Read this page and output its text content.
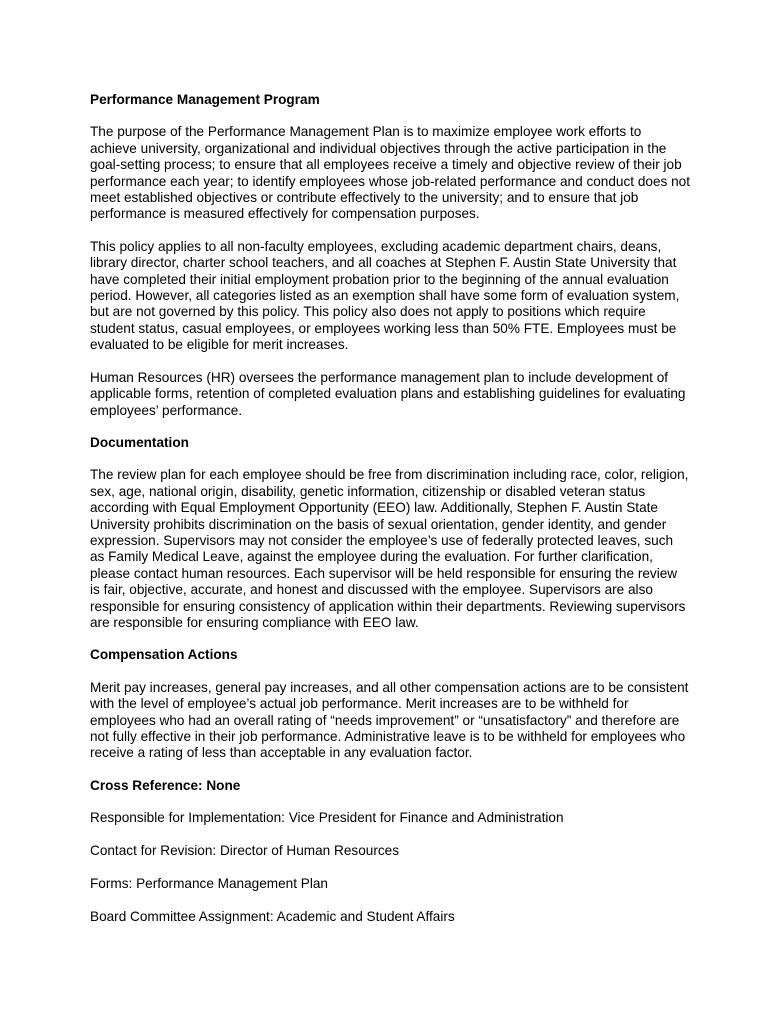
Performance Management Program
The purpose of the Performance Management Plan is to maximize employee work efforts to achieve university, organizational and individual objectives through the active participation in the goal-setting process; to ensure that all employees receive a timely and objective review of their job performance each year; to identify employees whose job-related performance and conduct does not meet established objectives or contribute effectively to the university; and to ensure that job performance is measured effectively for compensation purposes.
This policy applies to all non-faculty employees, excluding academic department chairs, deans, library director, charter school teachers, and all coaches at Stephen F. Austin State University that have completed their initial employment probation prior to the beginning of the annual evaluation period. However, all categories listed as an exemption shall have some form of evaluation system, but are not governed by this policy. This policy also does not apply to positions which require student status, casual employees, or employees working less than 50% FTE. Employees must be evaluated to be eligible for merit increases.
Human Resources (HR) oversees the performance management plan to include development of applicable forms, retention of completed evaluation plans and establishing guidelines for evaluating employees’ performance.
Documentation
The review plan for each employee should be free from discrimination including race, color, religion, sex, age, national origin, disability, genetic information, citizenship or disabled veteran status according with Equal Employment Opportunity (EEO) law. Additionally, Stephen F. Austin State University prohibits discrimination on the basis of sexual orientation, gender identity, and gender expression. Supervisors may not consider the employee’s use of federally protected leaves, such as Family Medical Leave, against the employee during the evaluation. For further clarification, please contact human resources. Each supervisor will be held responsible for ensuring the review is fair, objective, accurate, and honest and discussed with the employee. Supervisors are also responsible for ensuring consistency of application within their departments. Reviewing supervisors are responsible for ensuring compliance with EEO law.
Compensation Actions
Merit pay increases, general pay increases, and all other compensation actions are to be consistent with the level of employee’s actual job performance. Merit increases are to be withheld for employees who had an overall rating of “needs improvement” or “unsatisfactory” and therefore are not fully effective in their job performance. Administrative leave is to be withheld for employees who receive a rating of less than acceptable in any evaluation factor.
Cross Reference: None
Responsible for Implementation: Vice President for Finance and Administration
Contact for Revision: Director of Human Resources
Forms: Performance Management Plan
Board Committee Assignment: Academic and Student Affairs
